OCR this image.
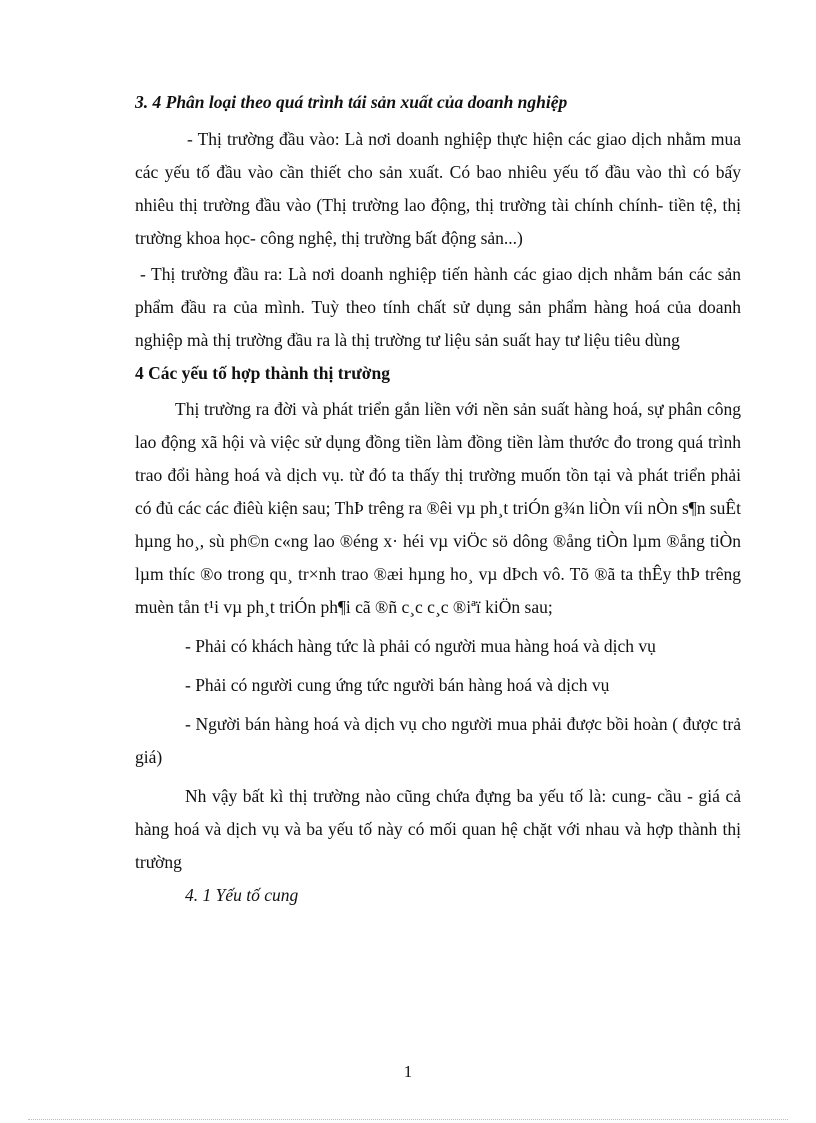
3. 4 Phân loại theo quá trình tái sản xuất của doanh nghiệp

- Thị trường đầu vào: Là nơi doanh nghiệp thực hiện các giao dịch nhằm mua các yếu tố đầu vào cần thiết cho sản xuất. Có bao nhiêu yếu tố đầu vào thì có bấy nhiêu thị trường đầu vào (Thị trường lao động, thị trường tài chính chính- tiền tệ, thị trường khoa học- công nghệ, thị trường bất động sản...)

- Thị trường đầu ra: Là nơi doanh nghiệp tiến hành các giao dịch nhằm bán các sản phẩm đầu ra của mình. Tuỳ theo tính chất sử dụng sản phẩm hàng hoá của doanh nghiệp mà thị trường đầu ra là thị trường tư liệu sản suất hay tư liệu tiêu dùng

4 Các yếu tố hợp thành thị trường

Thị trường ra đời và phát triển gắn liền với nền sản suất hàng hoá, sự phân công lao động xã hội và việc sử dụng đồng tiền làm đồng tiền làm thước đo trong quá trình trao đổi hàng hoá và dịch vụ. từ đó ta thấy thị trường muốn tồn tại và phát triển phải có đủ các các điêù kiện sau; ThÞ trêng ra ®êi vµ ph¸t triÓn g¾n liÒn víi nÒn s¶n suÊt hµng ho¸, sù ph©n c«ng lao ®éng x· héi vµ viÖc sö dông ®ång tiÒn lµm ®ång tiÒn lµm thíc ®o trong qu¸ tr×nh trao ®æi hµng ho¸ vµ dÞch vô. Tõ ®ã ta thÊy thÞ trêng muèn tån t¹i vµ ph¸t triÓn ph¶i cã ®ñ c¸c c¸c ®iªï kiÖn sau;

- Phải có khách hàng tức là phải có người mua hàng hoá và dịch vụ

- Phải có người cung ứng tức người bán hàng hoá và dịch vụ

- Người bán hàng hoá và dịch vụ cho người mua phải được bồi hoàn ( được trả giá)

Nh vậy bất kì thị trường nào cũng chứa đựng ba yếu tố là: cung- cầu - giá cả hàng hoá và dịch vụ và ba yếu tố này có mối quan hệ chặt với nhau và hợp thành thị trường

4. 1 Yếu tố cung

1
